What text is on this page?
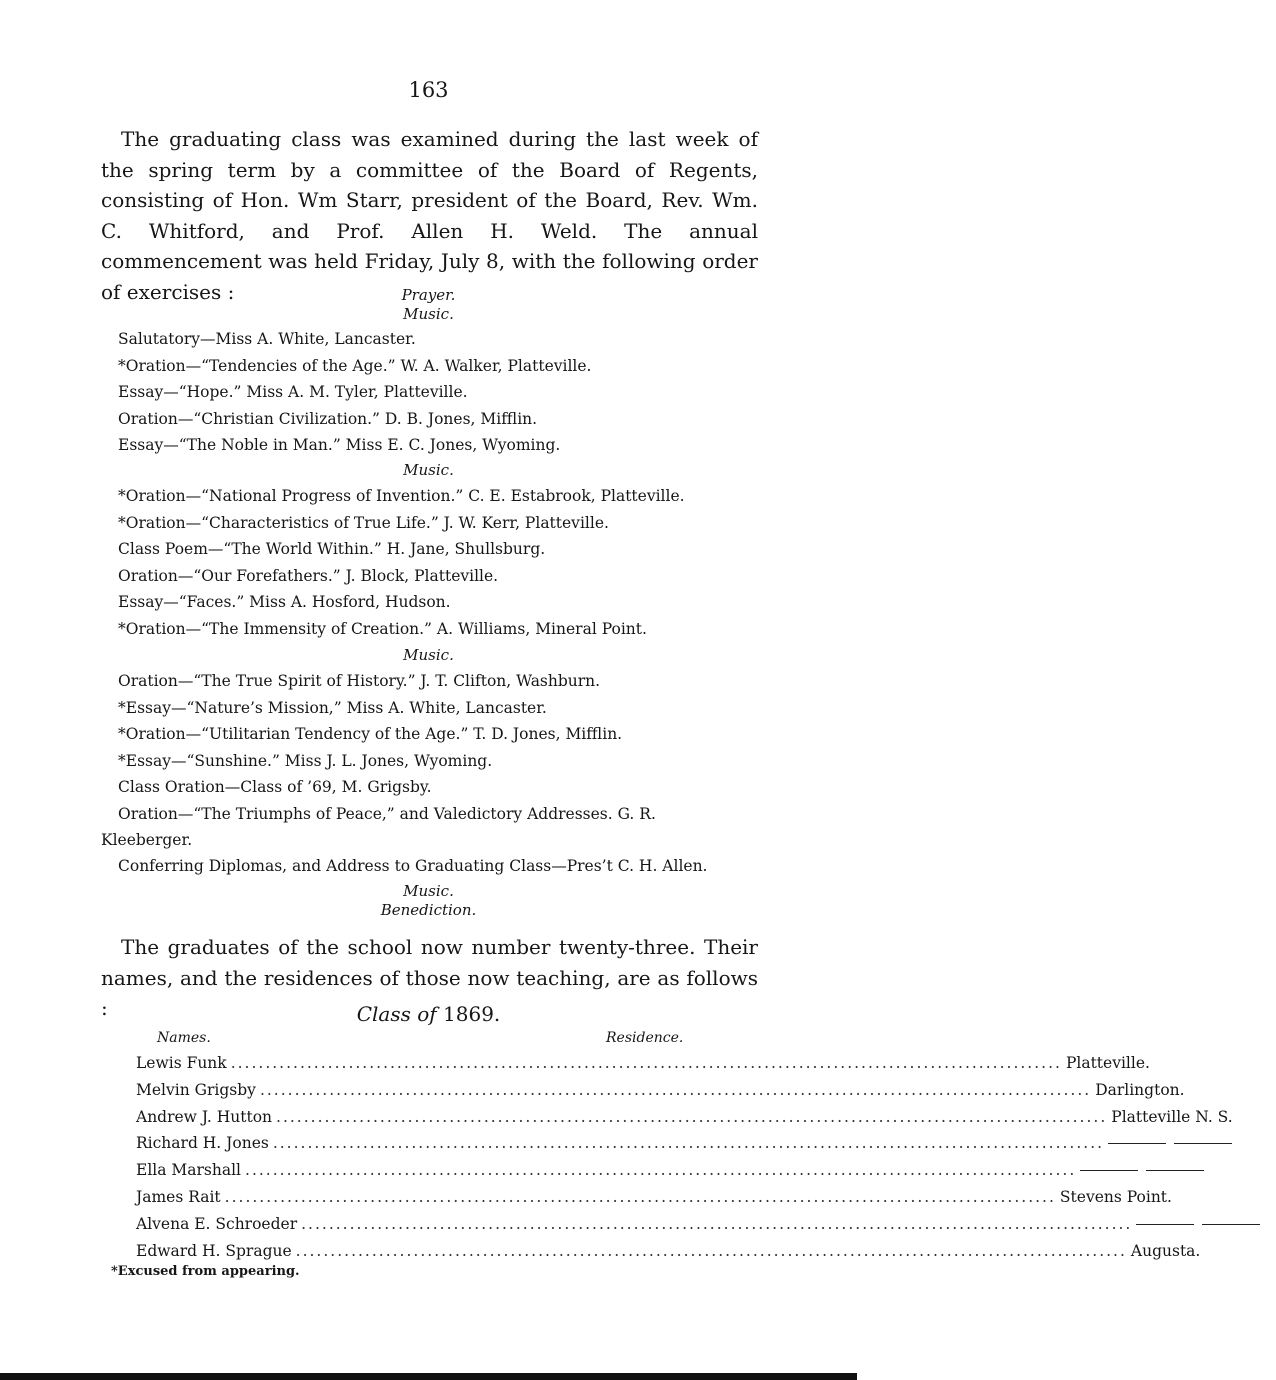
163

The graduating class was examined during the last week of the spring term by a committee of the Board of Regents, consisting of Hon. Wm Starr, president of the Board, Rev. Wm. C. Whitford, and Prof. Allen H. Weld. The annual commencement was held Friday, July 8, with the following order of exercises :	Prayer.
Music.
Salutatory—Miss A. White, Lancaster.
*Oration—“Tendencies of the Age.” W. A. Walker, Platteville.
Essay—“Hope.” Miss A. M. Tyler, Platteville.
Oration—“Christian Civilization.” D. B. Jones, Mifflin.
Essay—“The Noble in Man.” Miss E. C. Jones, Wyoming.
Music.
*Oration—“National Progress of Invention.” C. E. Estabrook, Platteville.
*Oration—“Characteristics of True Life.” J. W. Kerr, Platteville.
Class Poem—“The World Within.” H. Jane, Shullsburg.
Oration—“Our Forefathers.” J. Block, Platteville.
Essay—“Faces.” Miss A. Hosford, Hudson.
*Oration—“The Immensity of Creation.” A. Williams, Mineral Point.
Music.
Oration—“The True Spirit of History.” J. T. Clifton, Washburn.
*Essay—“Nature’s Mission,” Miss A. White, Lancaster.
*Oration—“Utilitarian Tendency of the Age.” T. D. Jones, Mifflin.
*Essay—“Sunshine.” Miss J. L. Jones, Wyoming.
Class Oration—Class of ’69, M. Grigsby.
Oration—“The Triumphs of Peace,” and Valedictory Addresses. G. R.
Kleeberger.
Conferring Diplomas, and Address to Graduating Class—Pres’t C. H. Allen.
Music.
Benediction.

The graduates of the school now number twenty-three. Their names, and the residences of those now teaching, are as follows :	Class of 1869.
Names.	Residence.
Lewis Funk ........................................................................................................................ Platteville.
Melvin Grigsby ........................................................................................................................ Darlington.
Andrew J. Hutton ........................................................................................................................ Platteville N. S.
Richard H. Jones ........................................................................................................................
Ella Marshall ........................................................................................................................
James Rait ........................................................................................................................ Stevens Point.
Alvena E. Schroeder ........................................................................................................................
Edward H. Sprague ........................................................................................................................ Augusta.
*Excused from appearing.
